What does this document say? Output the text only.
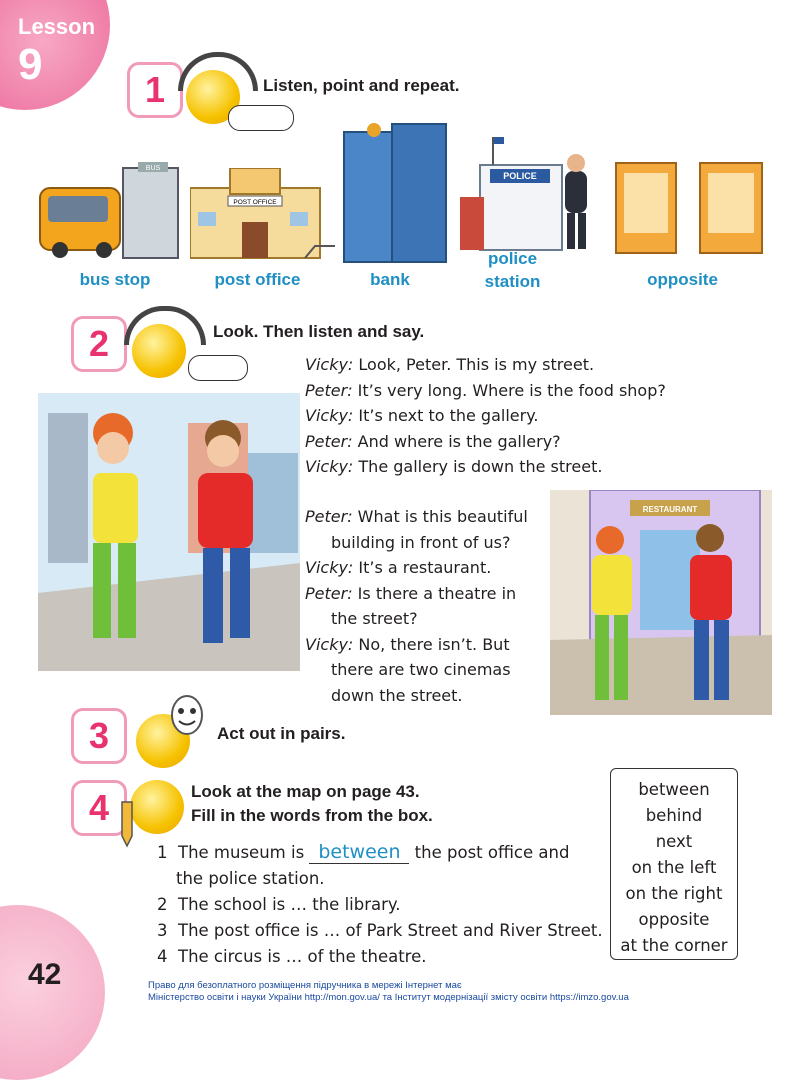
Lesson
9
1	Listen, point and repeat.
BUS
bus stop
POST OFFICE
post office	bank
POLICE
police
station	opposite
2	Look. Then listen and say.
Vicky: Look, Peter. This is my street.
Peter: It’s very long. Where is the food shop?
Vicky: It’s next to the gallery.
Peter: And where is the gallery?
Vicky: The gallery is down the street.
Peter: What is this beautiful
building in front of us?
Vicky: It’s a restaurant.
Peter: Is there a theatre in
the street?
Vicky: No, there isn’t. But
there are two cinemas
down the street.
RESTAURANT
3	Act out in pairs.
4	Look at the map on page 43.
Fill in the words from the box.
1 The museum is between the post office and
the police station.
2 The school is … the library.
3 The post office is … of Park Street and River Street.
4 The circus is … of the theatre.
between
behind
next
on the left
on the right
opposite
at the corner
42	Право для безоплатного розміщення підручника в мережі Інтернет має
Міністерство освіти і науки України http://mon.gov.ua/ та Інститут модернізації змісту освіти https://imzo.gov.ua
